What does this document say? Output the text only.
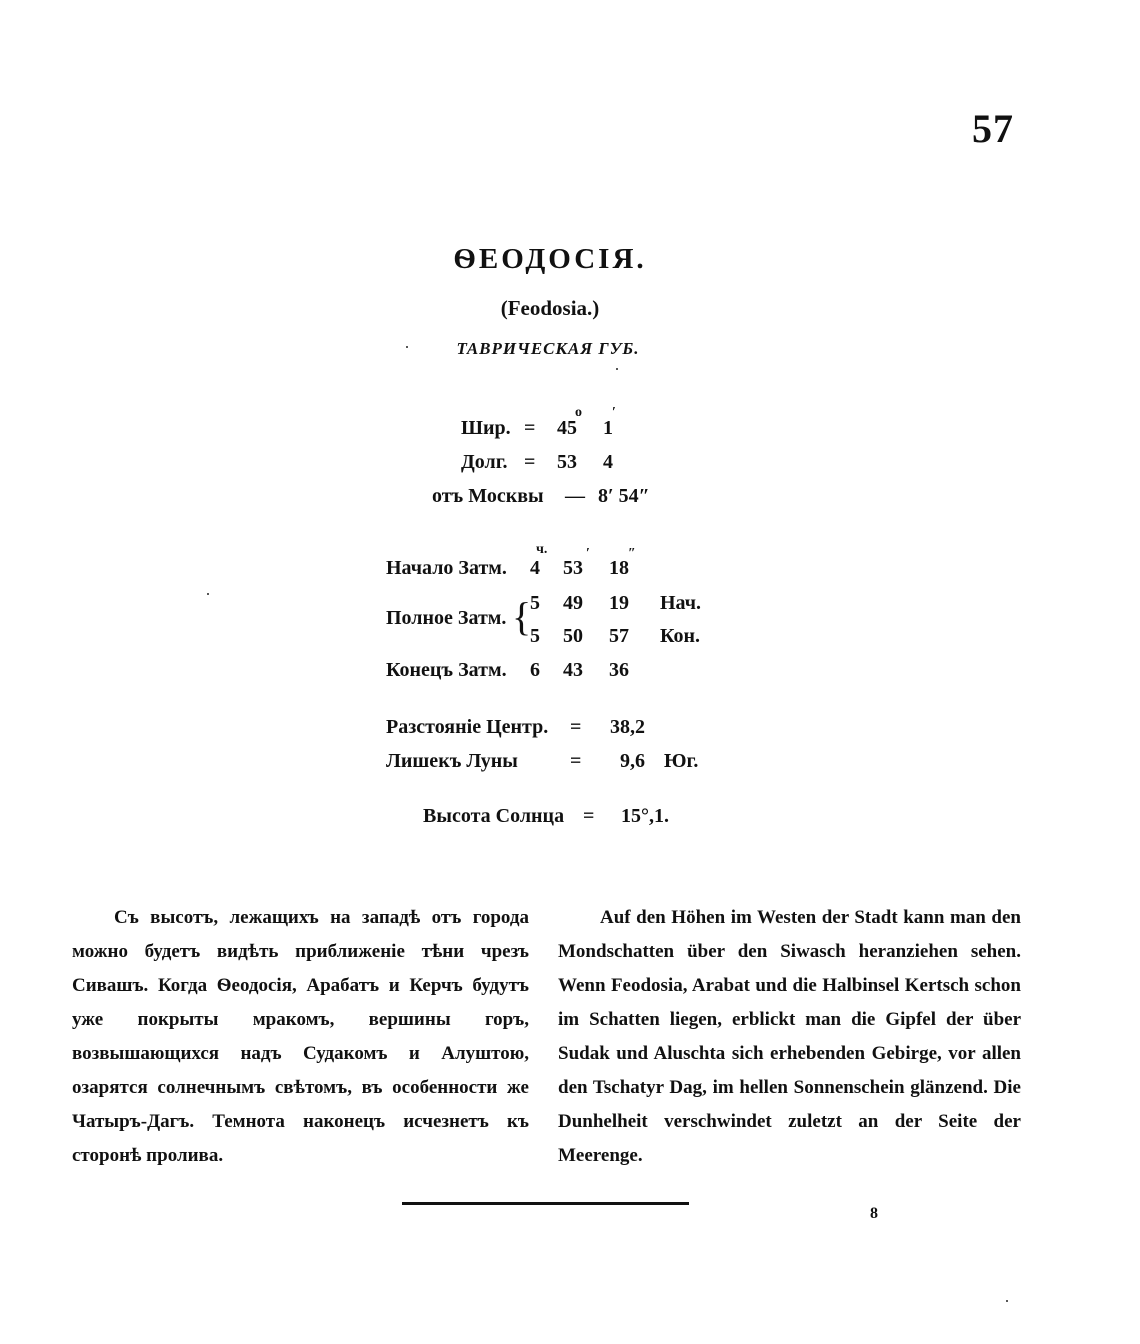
57
ѲЕОДОСІЯ.
(Feodosia.)
ТАВРИЧЕСКАЯ ГУБ.
o ′
Шир. = 45 1
Долг. = 53 4
отъ Москвы — 8′ 54″
ч.	′	″
Начало Затм. 4 53 18
Полное Затм. {
5 49 19 Нач.
5 50 57 Кон.
Конецъ Затм. 6 43 36
Разстояніе Центр. = 38,2
Лишекъ Луны	= 9,6 Юг.
Высота Солнца = 15°,1.
Съ высотъ, лежащихъ на западѣ отъ города можно будетъ видѣть приближеніе тѣни чрезъ Сивашъ. Когда Ѳеодосія, Арабатъ и Керчъ будутъ уже покрыты мракомъ, вершины горъ, возвышающихся надъ Судакомъ и Алуштою, озарятся солнечнымъ свѣтомъ, въ особенности же Чатыръ-Дагъ. Темнота наконецъ исчезнетъ къ сторонѣ пролива.
Auf den Höhen im Westen der Stadt kann man den Mondschatten über den Siwasch heranziehen sehen. Wenn Feodosia, Arabat und die Halbinsel Kertsch schon im Schatten liegen, erblickt man die Gipfel der über Sudak und Aluschta sich erhebenden Gebirge, vor allen den Tschatyr Dag, im hellen Sonnenschein glänzend. Die Dunhelheit verschwindet zuletzt an der Seite der Meerenge.
8
